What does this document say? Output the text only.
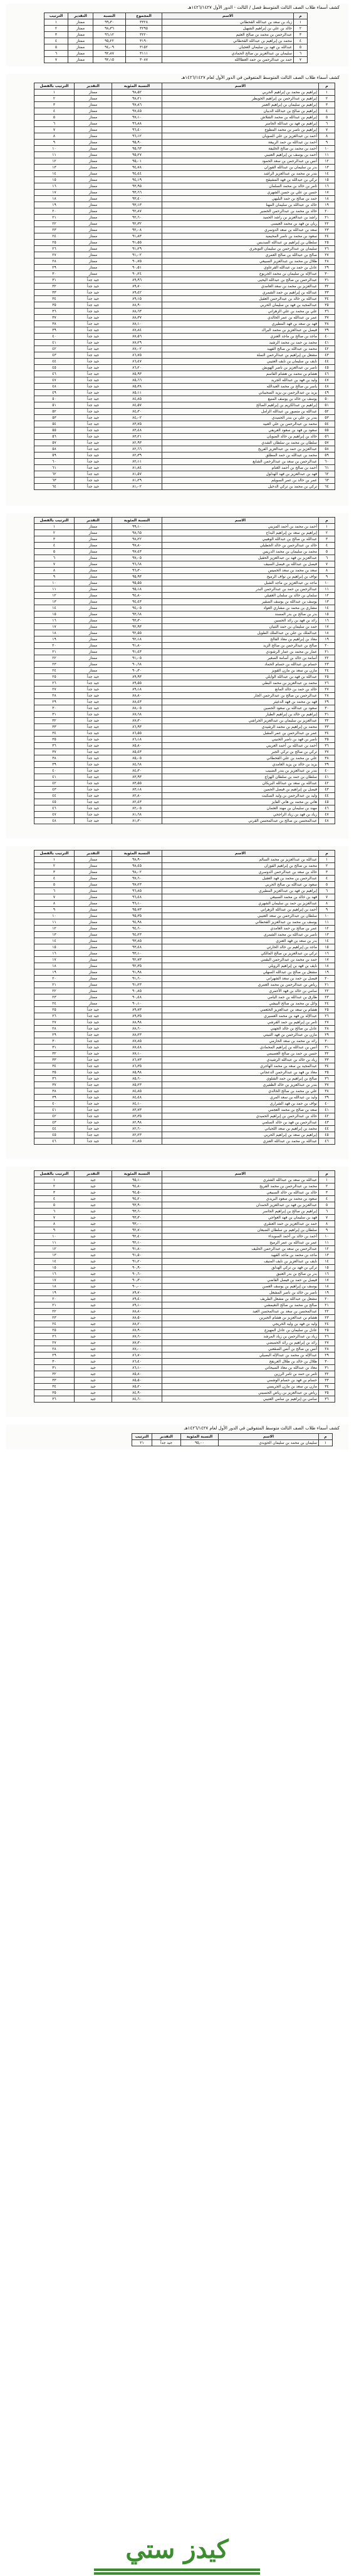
كشف أسماء طلاب الصف الثالث المتوسط فصل / الثالث - الدور الأول ١٤٢٦/١٤٢٧هـ
م	الاسم	المجموع	النسبة	التقدير	الترتيب
١	زياد بن سعد بن عبدالله القحطاني	٣٣٢٨	٩٩٫٣٠	ممتاز	١
٢	خالد بن علي بن إبراهيم الشهيل	٣٢٩٥	٩٨٫٣٦	ممتاز	٢
٣	عبدالرحمن بن محمد بن صالح العثيم	٣٢٢٠	٩٦٫١٢	ممتاز	٣
٤	محمد بن إبراهيم بن عبدالله القحطاني	٣١٩٠	٩٥٫٢٢	ممتاز	٤
٥	عبدالله بن فهد بن سليمان العجيان	٣١٥٢	٩٤٫٠٩	ممتاز	٥
٦	سليمان بن عبدالعزيز بن صالح الحمادي	٣١١١	٩٢٫٨٧	ممتاز	٦
٧	حمد بن عبدالرحمن بن حمد العطاالله	٣٠٨٧	٩٢٫١٥	ممتاز	٧
كشف أسماء طلاب الصف الثالث المتوسط المتفوقين في الدور الأول لعام ١٤٢٦/١٤٢٧هـ
م	الاسم	النسبة المئوية	التقدير	الترتيب بالفصل
١	إبراهيم بن محمد بن إبراهيم الحربي	٩٨٫٥٢	ممتاز	١
٢	إبراهيم بن عبدالرحمن بن إبراهيم الخويطر	٩٨٫٢١	ممتاز	٢
٣	إبراهيم بن سليمان بن إبراهيم العمر	٩٧٫٨٦	ممتاز	٣
٤	إبراهيم بن صالح بن عبدالله الدبيان	٩٧٫٤٥	ممتاز	٤
٥	إبراهيم بن عبدالله بن محمد الشلاش	٩٧٫١٠	ممتاز	٥
٦	إبراهيم بن فهد بن عبدالله الجاسر	٩٦٫٨٨	ممتاز	٦
٧	إبراهيم بن ناصر بن محمد المطوع	٩٦٫٤٠	ممتاز	٧
٨	أحمد بن عبدالعزيز بن علي الصويان	٩٦٫١٢	ممتاز	٨
٩	أحمد بن عبدالله بن حمد الربيعة	٩٥٫٩٠	ممتاز	٩
١٠	أحمد بن محمد بن صالح الخليفة	٩٥٫٦٣	ممتاز	١٠
١١	أحمد بن يوسف بن إبراهيم العتيبي	٩٥٫٢٧	ممتاز	١١
١٢	أنس بن عبدالرحمن بن سعد الحمود	٩٥٫٠١	ممتاز	١٢
١٣	بدر بن سليمان بن عبدالله الفوزان	٩٤٫٧٨	ممتاز	١٣
١٤	بندر بن محمد بن عبدالعزيز الراشد	٩٤٫٤٤	ممتاز	١٤
١٥	تركي بن عبدالله بن فهد المشيقح	٩٤٫١٩	ممتاز	١٥
١٦	ثامر بن خالد بن محمد السلمان	٩٣٫٩٥	ممتاز	١٦
١٧	حسن بن علي بن حسن الشهري	٩٣٫٦٦	ممتاز	١٧
١٨	حمد بن صالح بن حمد البليهي	٩٣٫٤٠	ممتاز	١٨
١٩	خالد بن عبدالله بن سليمان المهنا	٩٣٫١٣	ممتاز	١٩
٢٠	خالد بن محمد بن عبدالرحمن الخضير	٩٢٫٨٧	ممتاز	٢٠
٢١	راشد بن عبدالعزيز بن راشد الحميد	٩٢٫٦٠	ممتاز	٢١
٢٢	ريان بن فهد بن محمد العيسى	٩٢٫٣٢	ممتاز	٢٢
٢٣	سعد بن عبدالله بن سعد الدوسري	٩٢٫٠٨	ممتاز	٢٣
٢٤	سعود بن محمد بن ناصر المحيميد	٩١٫٨٣	ممتاز	٢٤
٢٥	سلطان بن إبراهيم بن عبدالله السديس	٩١٫٥٥	ممتاز	٢٥
٢٦	سليمان بن عبدالرحمن بن سليمان التويجري	٩١٫٢٩	ممتاز	٢٦
٢٧	صالح بن عبدالله بن صالح العمري	٩١٫٠٢	ممتاز	٢٧
٢٨	طلال بن محمد بن عبدالعزيز السبيعي	٩٠٫٧٥	ممتاز	٢٨
٢٩	عادل بن حمد بن عبدالله القرعاوي	٩٠٫٥١	ممتاز	٢٩
٣٠	عبدالإله بن سليمان بن محمد الجربوع	٩٠٫٢٤	ممتاز	٣٠
٣١	عبدالرحمن بن صالح بن عبدالله اليحيى	٨٩٫٩٦	جيد جداً	٣١
٣٢	عبدالعزيز بن محمد بن سعد الغامدي	٨٩٫٧٠	جيد جداً	٣٢
٣٣	عبدالله بن إبراهيم بن حمد الشمري	٨٩٫٤٢	جيد جداً	٣٣
٣٤	عبدالله بن خالد بن عبدالرحمن العقيل	٨٩٫١٥	جيد جداً	٣٤
٣٥	عبدالمجيد بن فهد بن سليمان الحربي	٨٨٫٩٠	جيد جداً	٣٥
٣٦	علي بن محمد بن علي الزهراني	٨٨٫٦٣	جيد جداً	٣٦
٣٧	عمر بن عبدالله بن عمر الخالدي	٨٨٫٣٧	جيد جداً	٣٧
٣٨	فهد بن سعد بن فهد المطيري	٨٨٫١٠	جيد جداً	٣٨
٣٩	فيصل بن عبدالعزيز بن محمد البراك	٨٧٫٨٤	جيد جداً	٣٩
٤٠	ماجد بن صالح بن ماجد العنزي	٨٧٫٥٦	جيد جداً	٤٠
٤١	محمد بن حمد بن محمد الرشيد	٨٧٫٢٩	جيد جداً	٤١
٤٢	محمد بن عبدالله بن صالح الفهيد	٨٧٫٠٢	جيد جداً	٤٢
٤٣	مشعل بن إبراهيم بن عبدالرحمن النملة	٨٦٫٧٥	جيد جداً	٤٣
٤٤	نايف بن سليمان بن نايف العتيبي	٨٦٫٤٧	جيد جداً	٤٤
٤٥	ناصر بن عبدالعزيز بن ناصر الهويش	٨٦٫٢٠	جيد جداً	٤٥
٤٦	هشام بن محمد بن هشام القاسم	٨٥٫٩٣	جيد جداً	٤٦
٤٧	وليد بن فهد بن عبدالله الجريد	٨٥٫٦٦	جيد جداً	٤٧
٤٨	ياسر بن صالح بن محمد العبدالله	٨٥٫٣٨	جيد جداً	٤٨
٤٩	يزيد بن عبدالرحمن بن يزيد السحيباني	٨٥٫١١	جيد جداً	٤٩
٥٠	يوسف بن خالد بن يوسف المنيع	٨٤٫٨٥	جيد جداً	٥٠
٥١	إبراهيم بن عبدالكريم بن إبراهيم الصالح	٨٤٫٥٧	جيد جداً	٥١
٥٢	عبدالله بن منصور بن عبدالله الزامل	٨٤٫٣٠	جيد جداً	٥٢
٥٣	بندر بن علي بن بندر الحميدي	٨٤٫٠٢	جيد جداً	٥٣
٥٤	محمد بن عبدالرحمن بن علي العبيد	٨٣٫٧٥	جيد جداً	٥٤
٥٥	سعود بن فهد بن سعود العريفي	٨٣٫٤٨	جيد جداً	٥٥
٥٦	خالد بن إبراهيم بن خالد الضويان	٨٣٫٢١	جيد جداً	٥٦
٥٧	سلطان بن محمد بن سلطان الشدي	٨٢٫٩٣	جيد جداً	٥٧
٥٨	عبدالعزيز بن حمد بن عبدالعزيز الفريح	٨٢٫٦٦	جيد جداً	٥٨
٥٩	محمد بن عبدالله بن حمد المطلق	٨٢٫٣٩	جيد جداً	٥٩
٦٠	عبدالرحمن بن سعد بن عبدالرحمن الشايع	٨٢٫١١	جيد جداً	٦٠
٦١	أحمد بن صالح بن أحمد الغنام	٨١٫٨٤	جيد جداً	٦١
٦٢	فهد بن عبدالعزيز بن فهد الهذلول	٨١٫٥٧	جيد جداً	٦٢
٦٣	عمر بن خالد بن عمر السويلم	٨١٫٢٩	جيد جداً	٦٣
٦٤	تركي بن محمد بن تركي الدخيل	٨١٫٠٢	جيد جداً	٦٤
م	الاسم	النسبة المئوية	التقدير	الترتيب بالفصل
١	أحمد بن محمد بن أحمد المزيني	٩٩٫١٠	ممتاز	١
٢	إبراهيم بن سعد بن إبراهيم البداح	٩٨٫٦٥	ممتاز	٢
٣	عبدالله بن صالح بن عبدالله الوهيبي	٩٨٫٢٢	ممتاز	٣
٤	خالد بن عبدالرحمن بن خالد الجطيلي	٩٧٫٨٠	ممتاز	٤
٥	محمد بن سليمان بن محمد الدريس	٩٧٫٤٣	ممتاز	٥
٦	عبدالعزيز بن فهد بن عبدالعزيز الحقيل	٩٧٫٠٥	ممتاز	٦
٧	فيصل بن عبدالله بن فيصل السيف	٩٦٫٦٨	ممتاز	٧
٨	سعد بن محمد بن سعد الخميس	٩٦٫٣٠	ممتاز	٨
٩	نواف بن إبراهيم بن نواف الرميح	٩٥٫٩٣	ممتاز	٩
١٠	ماجد بن عبدالعزيز بن ماجد الشبل	٩٥٫٥٥	ممتاز	١٠
١١	عبدالرحمن بن حمد بن عبدالرحمن البدر	٩٥٫١٨	ممتاز	١١
١٢	سلمان بن خالد بن سلمان الغفيلي	٩٤٫٨٠	ممتاز	١٢
١٣	يوسف بن عبدالله بن يوسف الصقير	٩٤٫٤٣	ممتاز	١٣
١٤	مشاري بن محمد بن مشاري العواد	٩٤٫٠٥	ممتاز	١٤
١٥	بدر بن صالح بن بدر المسند	٩٣٫٦٨	ممتاز	١٥
١٦	رائد بن فهد بن رائد الحسين	٩٣٫٣٠	ممتاز	١٦
١٧	حمد بن سليمان بن حمد الثنيان	٩٢٫٩٣	ممتاز	١٧
١٨	عبدالملك بن علي بن عبدالملك الطويل	٩٢٫٥٥	ممتاز	١٨
١٩	معاذ بن إبراهيم بن معاذ الفالح	٩٢٫١٨	ممتاز	١٩
٢٠	صالح بن عبدالرحمن بن صالح الزيد	٩١٫٨٠	ممتاز	٢٠
٢١	عمار بن محمد بن عمار الرشودي	٩١٫٤٣	ممتاز	٢١
٢٢	أسامة بن خالد بن أسامة الصغير	٩١٫٠٥	ممتاز	٢٢
٢٣	حسام بن عبدالله بن حسام الحماد	٩٠٫٦٨	ممتاز	٢٣
٢٤	مازن بن سعد بن مازن القويز	٩٠٫٣٠	ممتاز	٢٤
٢٥	عبدالله بن فهد بن عبدالله الوايلي	٨٩٫٩٣	جيد جداً	٢٥
٢٦	محمد بن عبدالعزيز بن محمد البطي	٨٩٫٥٥	جيد جداً	٢٦
٢٧	خالد بن حمد بن خالد المانع	٨٩٫١٨	جيد جداً	٢٧
٢٨	عبدالرحمن بن صالح بن عبدالرحمن الجار	٨٨٫٨٠	جيد جداً	٢٨
٢٩	فهد بن محمد بن فهد الدغيثر	٨٨٫٤٣	جيد جداً	٢٩
٣٠	سعود بن عبدالله بن سعود الحصين	٨٨٫٠٥	جيد جداً	٣٠
٣١	إبراهيم بن خالد بن إبراهيم الطيار	٨٧٫٦٨	جيد جداً	٣١
٣٢	عبدالعزيز بن سليمان بن عبدالعزيز الخراشي	٨٧٫٣٠	جيد جداً	٣٢
٣٣	محمد بن إبراهيم بن محمد الرشيدي	٨٦٫٩٣	جيد جداً	٣٣
٣٤	عمر بن عبدالرحمن بن عمر المقبل	٨٦٫٥٥	جيد جداً	٣٤
٣٥	ناصر بن فهد بن ناصر الخنيني	٨٦٫١٨	جيد جداً	٣٥
٣٦	أحمد بن عبدالله بن أحمد العريني	٨٥٫٨٠	جيد جداً	٣٦
٣٧	تركي بن صالح بن تركي الجبر	٨٥٫٤٣	جيد جداً	٣٧
٣٨	علي بن محمد بن علي القحطاني	٨٥٫٠٥	جيد جداً	٣٨
٣٩	يزيد بن خالد بن يزيد الغامدي	٨٤٫٦٨	جيد جداً	٣٩
٤٠	بندر بن عبدالعزيز بن بندر الضبيب	٨٤٫٣٠	جيد جداً	٤٠
٤١	سلطان بن حمد بن سلطان الهزاع	٨٣٫٩٣	جيد جداً	٤١
٤٢	عبدالله بن سعد بن عبدالله البريكان	٨٣٫٥٥	جيد جداً	٤٢
٤٣	فيصل بن إبراهيم بن فيصل الحمين	٨٣٫١٨	جيد جداً	٤٣
٤٤	وليد بن عبدالرحمن بن وليد السكيت	٨٢٫٨٠	جيد جداً	٤٤
٤٥	هاني بن محمد بن هاني الفايز	٨٢٫٤٣	جيد جداً	٤٥
٤٦	مهند بن سليمان بن مهند العثمان	٨٢٫٠٥	جيد جداً	٤٦
٤٧	زياد بن فهد بن زياد الراجحي	٨١٫٦٨	جيد جداً	٤٧
٤٨	عبدالمحسن بن صالح بن عبدالمحسن القرني	٨١٫٣٠	جيد جداً	٤٨
م	الاسم	النسبة المئوية	التقدير	الترتيب بالفصل
١	عبدالله بن عبدالعزيز بن محمد السالم	٩٨٫٩٠	ممتاز	١
٢	محمد بن صالح بن إبراهيم الفوزان	٩٨٫٤٥	ممتاز	٢
٣	خالد بن سعد بن عبدالرحمن الدوسري	٩٨٫٠٢	ممتاز	٣
٤	عبدالرحمن بن محمد بن فهد العقيل	٩٧٫٦٠	ممتاز	٤
٥	سعود بن عبدالله بن صالح الحربي	٩٧٫٢٣	ممتاز	٥
٦	إبراهيم بن فهد بن عبدالعزيز المطيري	٩٦٫٨٥	ممتاز	٦
٧	فهد بن خالد بن محمد السبيعي	٩٦٫٤٨	ممتاز	٧
٨	عبدالعزيز بن حمد بن سليمان الشهري	٩٦٫١٠	ممتاز	٨
٩	أحمد بن إبراهيم بن عبدالله الزهراني	٩٥٫٧٣	ممتاز	٩
١٠	سلطان بن عبدالرحمن بن سعد العتيبي	٩٥٫٣٥	ممتاز	١٠
١١	يوسف بن محمد بن عبدالعزيز القحطاني	٩٤٫٩٨	ممتاز	١١
١٢	عمر بن صالح بن حمد الغامدي	٩٤٫٦٠	ممتاز	١٢
١٣	ناصر بن عبدالله بن محمد الشمري	٩٤٫٢٣	ممتاز	١٣
١٤	بدر بن سعد بن فهد العنزي	٩٣٫٨٥	ممتاز	١٤
١٥	ماجد بن إبراهيم بن خالد الحارثي	٩٣٫٤٨	ممتاز	١٥
١٦	تركي بن عبدالعزيز بن صالح المالكي	٩٣٫١٠	ممتاز	١٦
١٧	حمد بن محمد بن عبدالرحمن البقمي	٩٢٫٧٣	ممتاز	١٧
١٨	نايف بن فهد بن إبراهيم الرويلي	٩٢٫٣٥	ممتاز	١٨
١٩	مشعل بن صالح بن عبدالله السهلي	٩١٫٩٨	ممتاز	١٩
٢٠	فيصل بن حمد بن سعد الشهراني	٩١٫٦٠	ممتاز	٢٠
٢١	رياض بن عبدالرحمن بن محمد العمري	٩١٫٢٣	ممتاز	٢١
٢٢	سامي بن خالد بن فهد الأحمري	٩٠٫٨٥	ممتاز	٢٢
٢٣	طارق بن عبدالله بن حمد اليامي	٩٠٫٤٨	ممتاز	٢٣
٢٤	وائل بن محمد بن صالح البيشي	٩٠٫١٠	ممتاز	٢٤
٢٥	هشام بن سعد بن عبدالعزيز الخثعمي	٨٩٫٧٣	جيد جداً	٢٥
٢٦	عبدالإله بن فهد بن محمد العسيري	٨٩٫٣٥	جيد جداً	٢٦
٢٧	ثامر بن إبراهيم بن حمد القرشي	٨٨٫٩٨	جيد جداً	٢٧
٢٨	عادل بن صالح بن خالد الجهني	٨٨٫٦٠	جيد جداً	٢٨
٢٩	مازن بن عبدالرحمن بن فهد الثبيتي	٨٨٫٢٣	جيد جداً	٢٩
٣٠	رائد بن محمد بن سعد الحازمي	٨٧٫٨٥	جيد جداً	٣٠
٣١	أنس بن عبدالله بن إبراهيم المحمادي	٨٧٫٤٨	جيد جداً	٣١
٣٢	حسن بن حمد بن صالح العصيمي	٨٧٫١٠	جيد جداً	٣٢
٣٣	زياد بن خالد بن عبدالله الرشيدي	٨٦٫٧٣	جيد جداً	٣٣
٣٤	عبدالمجيد بن سعد بن محمد الهاجري	٨٦٫٣٥	جيد جداً	٣٤
٣٥	معاذ بن فهد بن عبدالرحمن الدعجاني	٨٥٫٩٨	جيد جداً	٣٥
٣٦	صالح بن إبراهيم بن حمد الشلوي	٨٥٫٦٠	جيد جداً	٣٦
٣٧	بندر بن عبدالعزيز بن خالد الظفيري	٨٥٫٢٣	جيد جداً	٣٧
٣٨	علي بن محمد بن صالح الخالدي	٨٤٫٨٥	جيد جداً	٣٨
٣٩	وليد بن عبدالله بن سعد المري	٨٤٫٤٨	جيد جداً	٣٩
٤٠	نواف بن حمد بن فهد الشراري	٨٤٫١٠	جيد جداً	٤٠
٤١	سعد بن صالح بن محمد العجمي	٨٣٫٧٣	جيد جداً	٤١
٤٢	خالد بن عبدالرحمن بن إبراهيم الحميدي	٨٣٫٣٥	جيد جداً	٤٢
٤٣	عبدالرحمن بن فهد بن خالد السلمي	٨٢٫٩٨	جيد جداً	٤٣
٤٤	محمد بن إبراهيم بن سعد اللحياني	٨٢٫٦٠	جيد جداً	٤٤
٤٥	إبراهيم بن سعد بن إبراهيم الحربي	٨٢٫٢٣	جيد جداً	٤٥
٤٦	عبدالله بن محمد بن عبدالله العنزي	٨١٫٨٥	جيد جداً	٤٦
م	الاسم	النسبة المئوية	التقدير	الترتيب بالفصل
١	عبدالله بن سعد بن عبدالله الشثري	٩٥٫١٠	جيد	١
٢	محمد بن عبدالرحمن بن محمد الفريح	٩٤٫٨٠	جيد	٢
٣	خالد بن عبدالله بن خالد السبيعي	٩٤٫٥٠	جيد	٣
٤	سعود بن محمد بن سعود البريدي	٩٤٫٢٠	جيد	٤
٥	عبدالعزيز بن فهد بن عبدالعزيز الحمدان	٩٣٫٩٠	جيد	٥
٦	إبراهيم بن صالح بن إبراهيم الجاسر	٩٣٫٦٠	جيد	٦
٧	فهد بن سليمان بن فهد العواجي	٩٣٫٣٠	جيد	٧
٨	حمد بن عبدالعزيز بن حمد العنقري	٩٣٫٠٠	جيد	٨
٩	سلطان بن إبراهيم بن سلطان الضبعان	٩٢٫٧٠	جيد	٩
١٠	أحمد بن خالد بن أحمد السويداء	٩٢٫٤٠	جيد	١٠
١١	عمر بن عبدالله بن عمر الرميح	٩٢٫١٠	جيد	١١
١٢	عبدالرحمن بن سعد بن عبدالرحمن الخليف	٩١٫٨٠	جيد	١٢
١٣	ماجد بن محمد بن ماجد الفهيد	٩١٫٥٠	جيد	١٣
١٤	نايف بن عبدالعزيز بن نايف المنيف	٩١٫٢٠	جيد	١٤
١٥	تركي بن فهد بن تركي الهدلق	٩٠٫٩٠	جيد	١٥
١٦	بدر بن صالح بن بدر العتيق	٩٠٫٦٠	جيد	١٦
١٧	فيصل بن حمد بن فيصل القاضي	٩٠٫٣٠	جيد	١٧
١٨	يوسف بن إبراهيم بن يوسف الغصن	٩٠٫٠٠	جيد	١٨
١٩	ناصر بن خالد بن ناصر المشعل	٨٩٫٧٠	جيد	١٩
٢٠	مشعل بن عبدالله بن مشعل الطريف	٨٩٫٤٠	جيد	٢٠
٢١	صالح بن محمد بن صالح النغيمشي	٨٩٫١٠	جيد	٢١
٢٢	عبدالمحسن بن سعد بن عبدالمحسن العيد	٨٨٫٨٠	جيد	٢٢
٢٣	هشام بن عبدالعزيز بن هشام الجبرين	٨٨٫٥٠	جيد	٢٣
٢٤	وليد بن فهد بن وليد الخريجي	٨٨٫٢٠	جيد	٢٤
٢٥	عادل بن سليمان بن عادل المهيزع	٨٧٫٩٠	جيد	٢٥
٢٦	زياد بن عبدالرحمن بن زياد المرشد	٨٧٫٦٠	جيد	٢٦
٢٧	رائد بن إبراهيم بن رائد الحميضي	٨٧٫٣٠	جيد	٢٧
٢٨	أنس بن صالح بن أنس الصقعبي	٨٧٫٠٠	جيد	٢٨
٢٩	عبدالإله بن محمد بن عبدالإله البصيلي	٨٦٫٧٠	جيد	٢٩
٣٠	طلال بن خالد بن طلال العريفج	٨٦٫٤٠	جيد	٣٠
٣١	معاذ بن عبدالله بن معاذ السيحاني	٨٦٫١٠	جيد	٣١
٣٢	ثامر بن حمد بن ثامر الرزين	٨٥٫٨٠	جيد	٣٢
٣٣	حسام بن فهد بن حسام الوشمي	٨٥٫٥٠	جيد	٣٣
٣٤	مازن بن سعد بن مازن الجريسي	٨٥٫٢٠	جيد	٣٤
٣٥	رياض بن عبدالعزيز بن رياض الحسيني	٨٤٫٩٠	جيد	٣٥
٣٦	سامي بن إبراهيم بن سامي العتيبي	٨٤٫٦٠	جيد	٣٦
كشف أسماء طلاب الصف الثالث متوسط المتفوقين في الدور الأول لعام ١٤٢٦/١٤٢٧هـ
م	الاسم	النسبة المئوية	التقدير	الترتيب
١	سليمان بن محمد بن سليمان الحويدي	٩٥٫٠٠	جيد جداً	٢١
كيدز ستي
